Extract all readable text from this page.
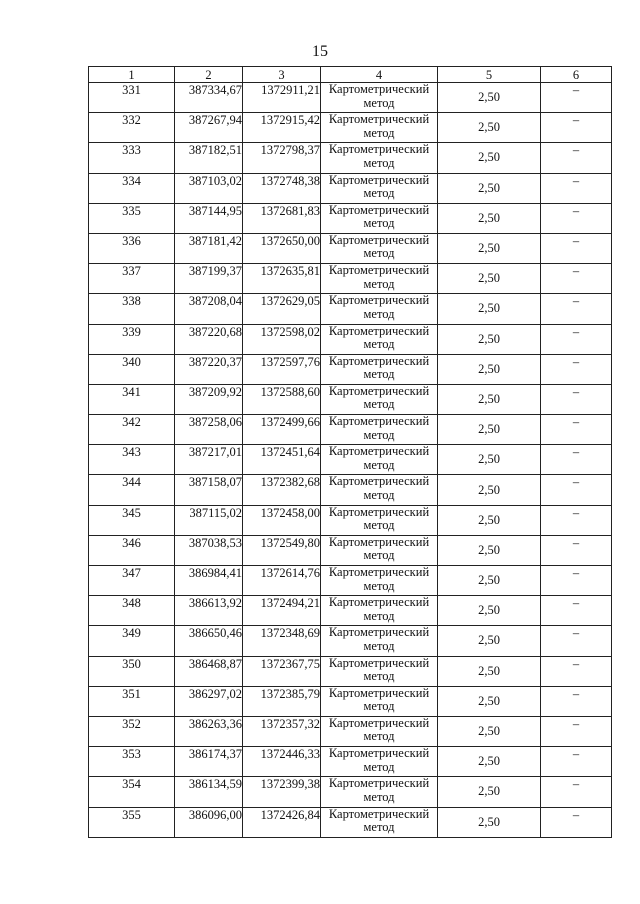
15
1	2	3	4	5	6
331	387334,67	1372911,21	Картометрический метод	2,50	–
332	387267,94	1372915,42	Картометрический метод	2,50	–
333	387182,51	1372798,37	Картометрический метод	2,50	–
334	387103,02	1372748,38	Картометрический метод	2,50	–
335	387144,95	1372681,83	Картометрический метод	2,50	–
336	387181,42	1372650,00	Картометрический метод	2,50	–
337	387199,37	1372635,81	Картометрический метод	2,50	–
338	387208,04	1372629,05	Картометрический метод	2,50	–
339	387220,68	1372598,02	Картометрический метод	2,50	–
340	387220,37	1372597,76	Картометрический метод	2,50	–
341	387209,92	1372588,60	Картометрический метод	2,50	–
342	387258,06	1372499,66	Картометрический метод	2,50	–
343	387217,01	1372451,64	Картометрический метод	2,50	–
344	387158,07	1372382,68	Картометрический метод	2,50	–
345	387115,02	1372458,00	Картометрический метод	2,50	–
346	387038,53	1372549,80	Картометрический метод	2,50	–
347	386984,41	1372614,76	Картометрический метод	2,50	–
348	386613,92	1372494,21	Картометрический метод	2,50	–
349	386650,46	1372348,69	Картометрический метод	2,50	–
350	386468,87	1372367,75	Картометрический метод	2,50	–
351	386297,02	1372385,79	Картометрический метод	2,50	–
352	386263,36	1372357,32	Картометрический метод	2,50	–
353	386174,37	1372446,33	Картометрический метод	2,50	–
354	386134,59	1372399,38	Картометрический метод	2,50	–
355	386096,00	1372426,84	Картометрический метод	2,50	–
